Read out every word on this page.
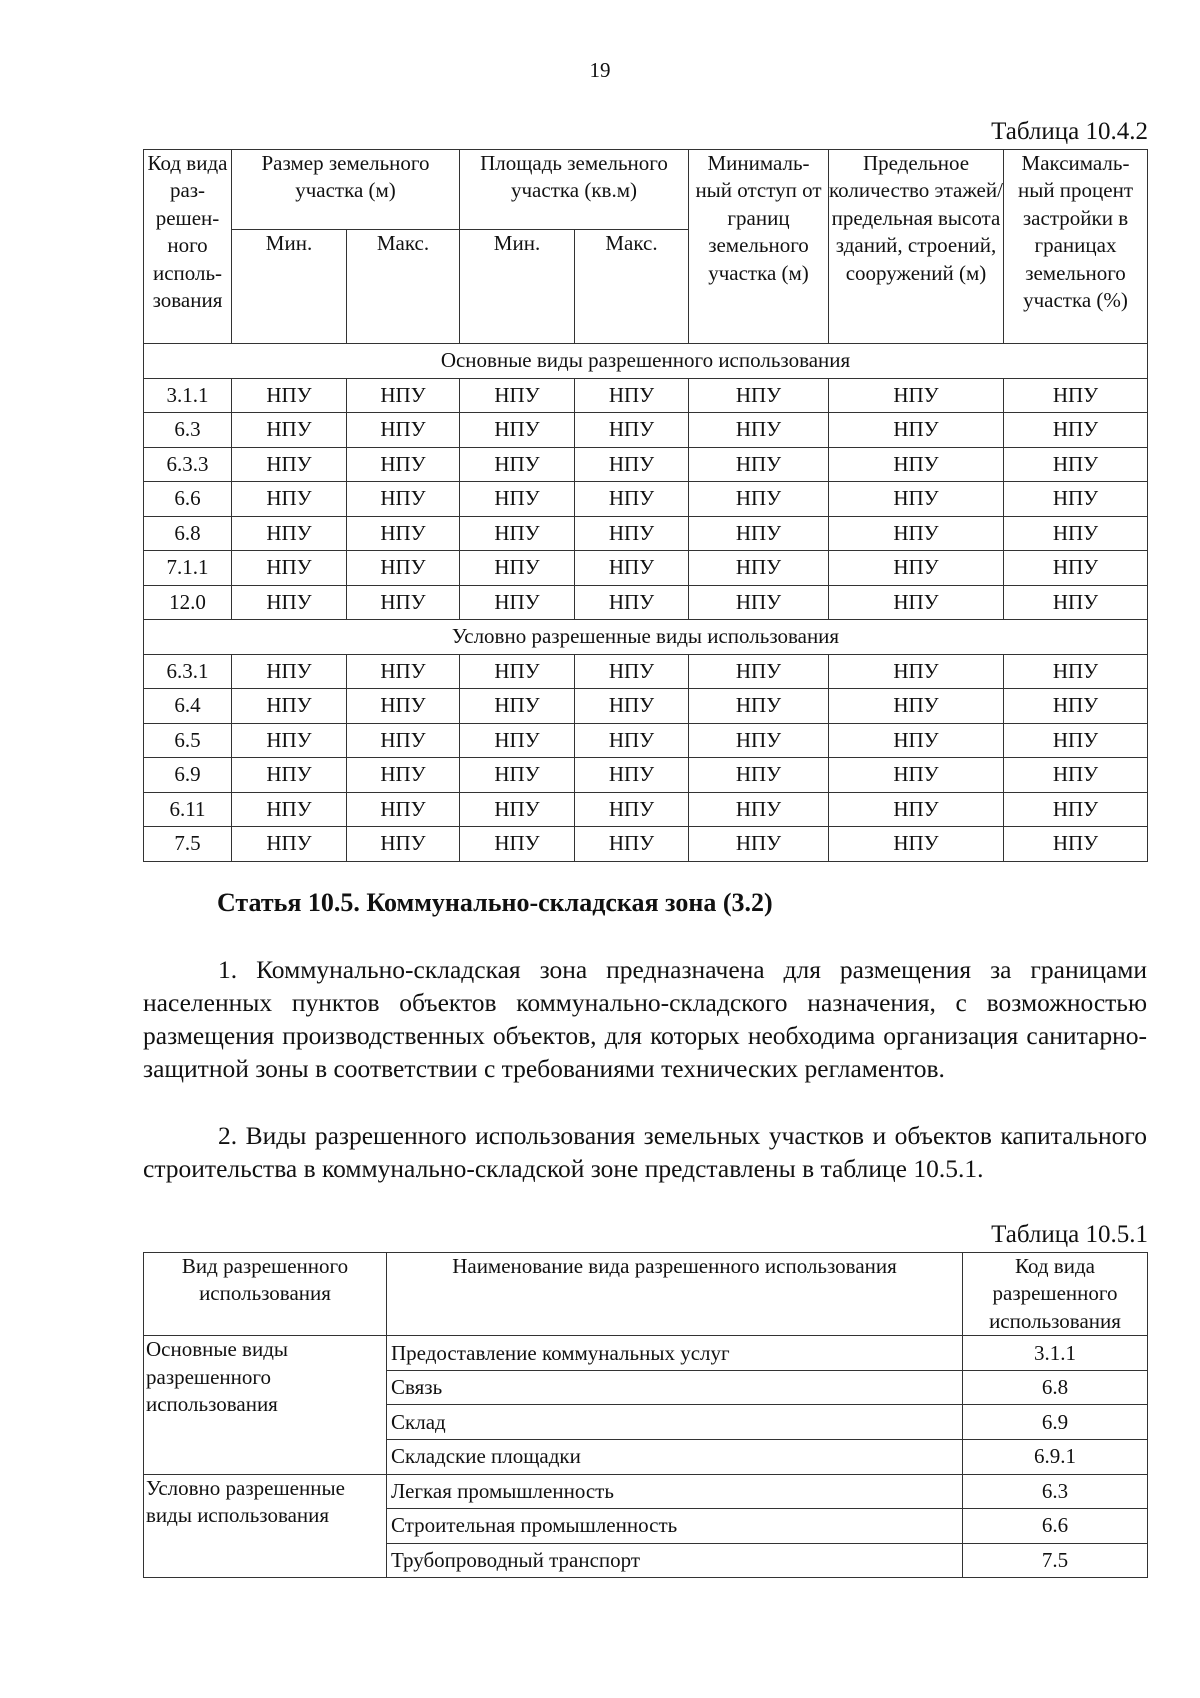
19
Таблица 10.4.2
Код вида раз- решен- ного исполь- зования	Размер земельного участка (м)		Площадь земельного участка (кв.м)		Минималь- ный отступ от границ земельного участка (м)	Предельное количество этажей/ предельная высота зданий, строений, сооружений (м)	Максималь- ный процент застройки в границах земельного участка (%)
	Мин.	Макс.	Мин.	Макс.			
Основные виды разрешенного использования							
3.1.1	НПУ	НПУ	НПУ	НПУ	НПУ	НПУ	НПУ
6.3	НПУ	НПУ	НПУ	НПУ	НПУ	НПУ	НПУ
6.3.3	НПУ	НПУ	НПУ	НПУ	НПУ	НПУ	НПУ
6.6	НПУ	НПУ	НПУ	НПУ	НПУ	НПУ	НПУ
6.8	НПУ	НПУ	НПУ	НПУ	НПУ	НПУ	НПУ
7.1.1	НПУ	НПУ	НПУ	НПУ	НПУ	НПУ	НПУ
12.0	НПУ	НПУ	НПУ	НПУ	НПУ	НПУ	НПУ
Условно разрешенные виды использования							
6.3.1	НПУ	НПУ	НПУ	НПУ	НПУ	НПУ	НПУ
6.4	НПУ	НПУ	НПУ	НПУ	НПУ	НПУ	НПУ
6.5	НПУ	НПУ	НПУ	НПУ	НПУ	НПУ	НПУ
6.9	НПУ	НПУ	НПУ	НПУ	НПУ	НПУ	НПУ
6.11	НПУ	НПУ	НПУ	НПУ	НПУ	НПУ	НПУ
7.5	НПУ	НПУ	НПУ	НПУ	НПУ	НПУ	НПУ
Статья 10.5. Коммунально-складская зона (3.2)
1. Коммунально-складская зона предназначена для размещения за границами населенных пунктов объектов коммунально-складского назначения, с возможностью размещения производственных объектов, для которых необходима организация санитарно-защитной зоны в соответствии с требованиями технических регламентов.
2. Виды разрешенного использования земельных участков и объектов капитального строительства в коммунально-складской зоне представлены в таблице 10.5.1.
Таблица 10.5.1
Вид разрешенного использования	Наименование вида разрешенного использования	Код вида разрешенного использования
Основные виды разрешенного использования	Предоставление коммунальных услуг	3.1.1
	Связь	6.8
	Склад	6.9
	Складские площадки	6.9.1
Условно разрешенные виды использования	Легкая промышленность	6.3
	Строительная промышленность	6.6
	Трубопроводный транспорт	7.5
